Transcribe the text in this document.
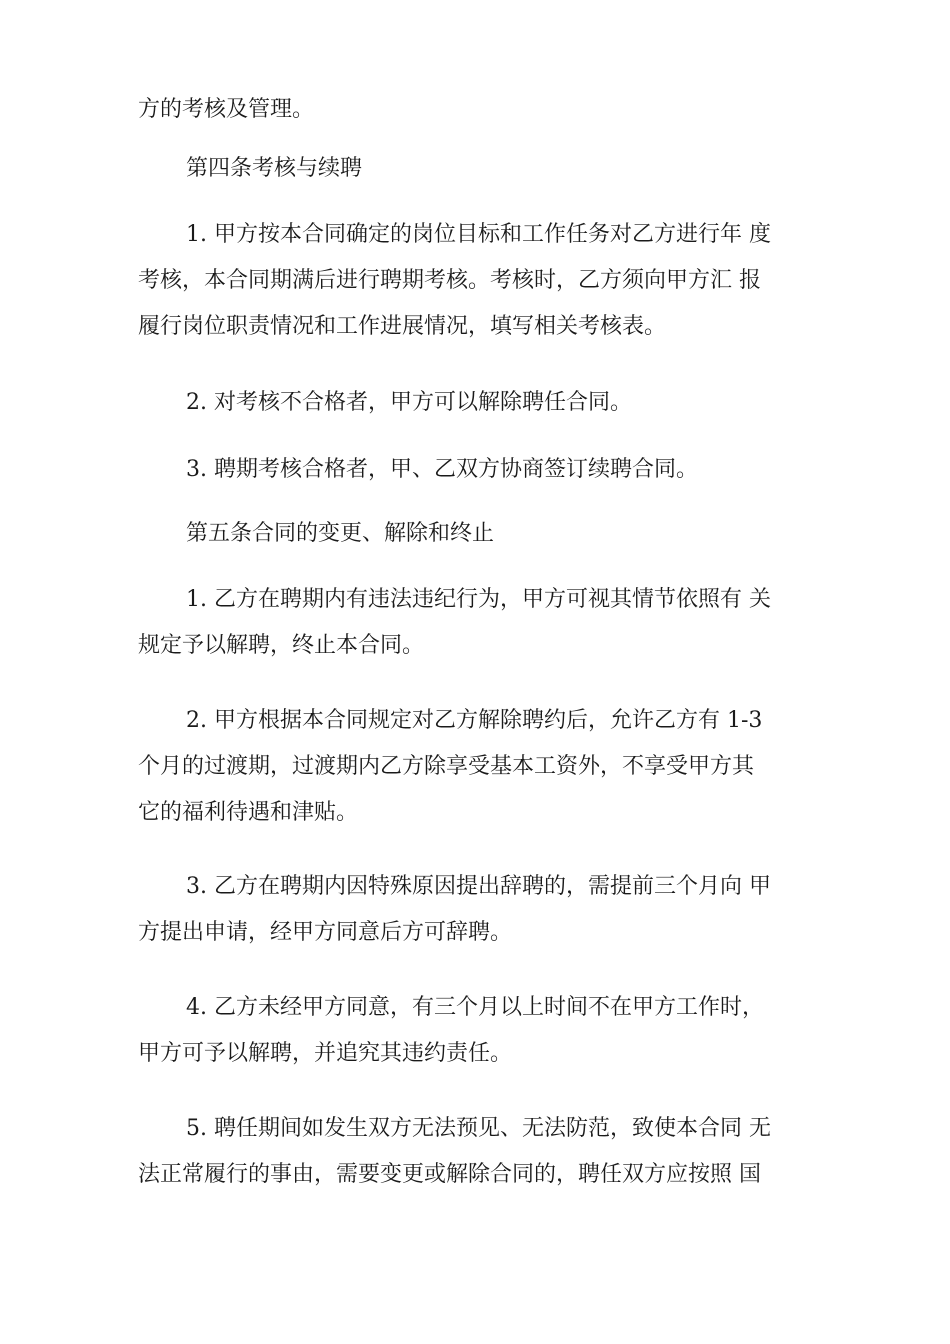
方的考核及管理。
第四条考核与续聘
1. 甲方按本合同确定的岗位目标和工作任务对乙方进行年 度
考核，本合同期满后进行聘期考核。考核时，乙方须向甲方汇 报
履行岗位职责情况和工作进展情况，填写相关考核表。
2. 对考核不合格者，甲方可以解除聘任合同。
3. 聘期考核合格者，甲、乙双方协商签订续聘合同。
第五条合同的变更、解除和终止
1. 乙方在聘期内有违法违纪行为，甲方可视其情节依照有 关
规定予以解聘，终止本合同。
2. 甲方根据本合同规定对乙方解除聘约后，允许乙方有 1-3
个月的过渡期，过渡期内乙方除享受基本工资外，不享受甲方其
它的福利待遇和津贴。
3. 乙方在聘期内因特殊原因提出辞聘的，需提前三个月向 甲
方提出申请，经甲方同意后方可辞聘。
4. 乙方未经甲方同意，有三个月以上时间不在甲方工作时，
甲方可予以解聘，并追究其违约责任。
5. 聘任期间如发生双方无法预见、无法防范，致使本合同 无
法正常履行的事由，需要变更或解除合同的，聘任双方应按照 国
